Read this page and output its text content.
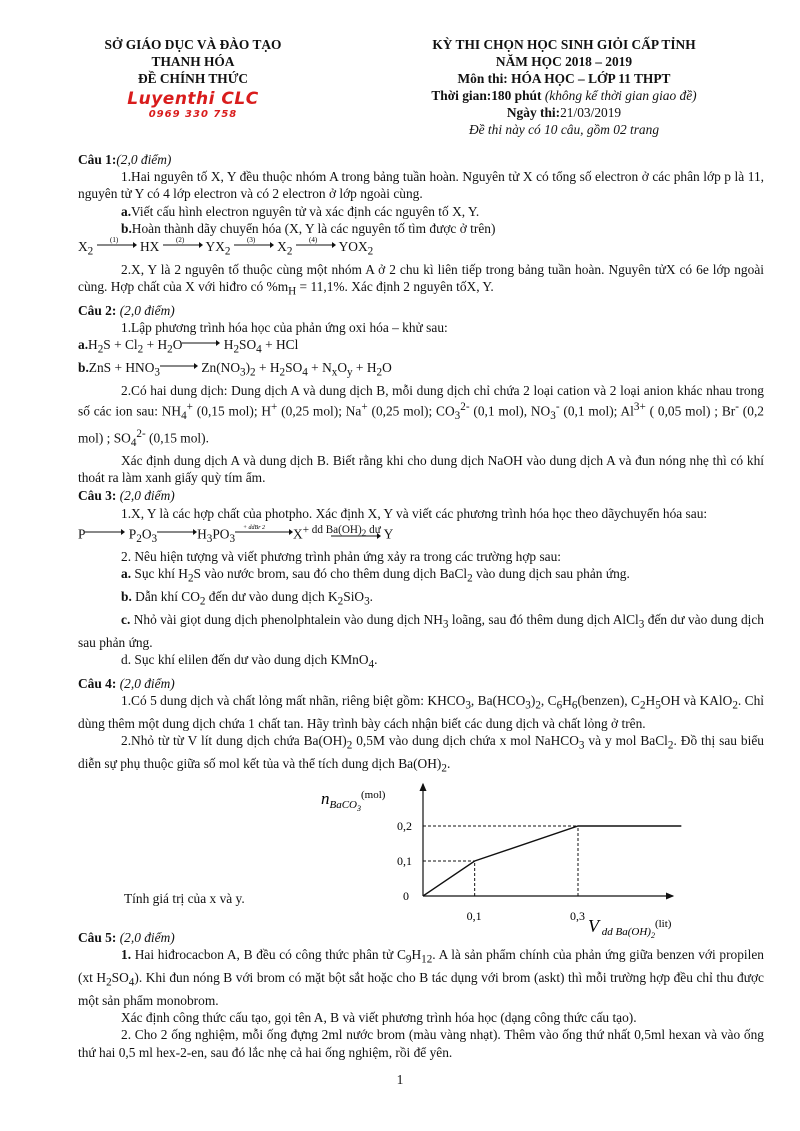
SỞ GIÁO DỤC VÀ ĐÀO TẠO
THANH HÓA
ĐỀ CHÍNH THỨC
Luyenthi CLC
0969 330 758
KỲ THI CHỌN HỌC SINH GIỎI CẤP TỈNH
NĂM HỌC 2018 – 2019
Môn thi: HÓA HỌC – LỚP 11 THPT
Thời gian:180 phút (không kể thời gian giao đề)
Ngày thi:21/03/2019
Đề thi này có 10 câu, gồm 02 trang

Câu 1:(2,0 điểm)

1.Hai nguyên tố X, Y đều thuộc nhóm A trong bảng tuần hoàn. Nguyên tử X có tổng số electron ở các phân lớp p là 11, nguyên tử Y có 4 lớp electron và có 2 electron ở lớp ngoài cùng.

a.Viết cấu hình electron nguyên tử và xác định các nguyên tố X, Y.

b.Hoàn thành dãy chuyển hóa (X, Y là các nguyên tố tìm được ở trên)

$X_2$
(1) HX (2) $YX_2$
(3) $X_2$
(4) $YOX_2$

2.X, Y là 2 nguyên tố thuộc cùng một nhóm A ở 2 chu kì liên tiếp trong bảng tuần hoàn. Nguyên tửX có 6e lớp ngoài cùng. Hợp chất của X với hiđro có $\%m_H = 11,1\%$. Xác định 2 nguyên tốX, Y.

Câu 2: (2,0 điểm)

1.Lập phương trình hóa học của phản ứng oxi hóa – khử sau:

$a.H_2S + Cl_2 + H_2O$	$H_2SO_4$ + HCl

$b.ZnS + HNO_3$	$Zn(NO_3)_2 + H_2SO_4 + N_xO_y + H_2O$

2.Có hai dung dịch: Dung dịch A và dung dịch B, mỗi dung dịch chỉ chứa 2 loại cation và 2 loại anion khác nhau trong số các ion sau: $NH_4^+$ (0,15 mol); H+ (0,25 mol); Na+ (0,25 mol); $CO_3^{2-}$ (0,1 mol), $NO_3^-$ (0,1 mol); $Al^{3+}$ ( 0,05 mol) ; Br- (0,2 mol) ; $SO_4^{2-}$ (0,15 mol).

Xác định dung dịch A và dung dịch B. Biết rằng khi cho dung dịch NaOH vào dung dịch A và đun nóng nhẹ thì có khí thoát ra làm xanh giấy quỳ tím ẩm.

Câu 3: (2,0 điểm)

1.X, Y là các hợp chất của photpho. Xác định X, Y và viết các phương trình hóa học theo dãychuyển hóa sau:

P	$P_2O_3$	$H_3PO_3$
+ ddBr 2 $X^{+ dd Ba(OH)_2 dư}$
Y

2. Nêu hiện tượng và viết phương trình phản ứng xảy ra trong các trường hợp sau:

a. Sục khí $H_2S$ vào nước brom, sau đó cho thêm dung dịch BaCl$_2$ vào dung dịch sau phản ứng.

b. Dẫn khí $CO_2$ đến dư vào dung dịch $K_2SiO_3$.

c. Nhỏ vài giọt dung dịch phenolphtalein vào dung dịch $NH_3$ loãng, sau đó thêm dung dịch AlCl$_3$ đến dư vào dung dịch sau phản ứng.

d. Sục khí elilen đến dư vào dung dịch KMnO$_4$.

Câu 4: (2,0 điểm)

1.Có 5 dung dịch và chất lỏng mất nhãn, riêng biệt gồm: $KHCO_3$, $Ba(HCO_3)_2$, $C_6H_6(benzen)$, $C_2H_5OH$ và KAlO$_2$. Chỉ dùng thêm một dung dịch chứa 1 chất tan. Hãy trình bày cách nhận biết các dung dịch và chất lỏng ở trên.

2.Nhỏ từ từ V lít dung dịch chứa $Ba(OH)_2$ 0,5M vào dung dịch chứa x mol NaHCO$_3$ và y mol BaCl$_2$. Đồ thị sau biểu diễn sự phụ thuộc giữa số mol kết tủa và thể tích dung dịch $Ba(OH)_2$.

Tính giá trị của x và y.
$n_{BaCO}3^{(mol)}$
0
0,1
0,2
0,1	0,3 V dd $Ba(OH)2^{(lit)}$

Câu 5: (2,0 điểm)

1. Hai hiđrocacbon A, B đều có công thức phân tử $C_9H_{12}$. A là sản phẩm chính của phản ứng giữa benzen với propilen (xt $H_2SO_4$). Khi đun nóng B với brom có mặt bột sắt hoặc cho B tác dụng với brom (askt) thì mỗi trường hợp đều chỉ thu được một sản phẩm monobrom.

Xác định công thức cấu tạo, gọi tên A, B và viết phương trình hóa học (dạng công thức cấu tạo).

2. Cho 2 ống nghiệm, mỗi ống đựng 2ml nước brom (màu vàng nhạt). Thêm vào ống thứ nhất 0,5ml hexan và vào ống thứ hai 0,5 ml hex-2-en, sau đó lắc nhẹ cả hai ống nghiệm, rồi để yên.

1
